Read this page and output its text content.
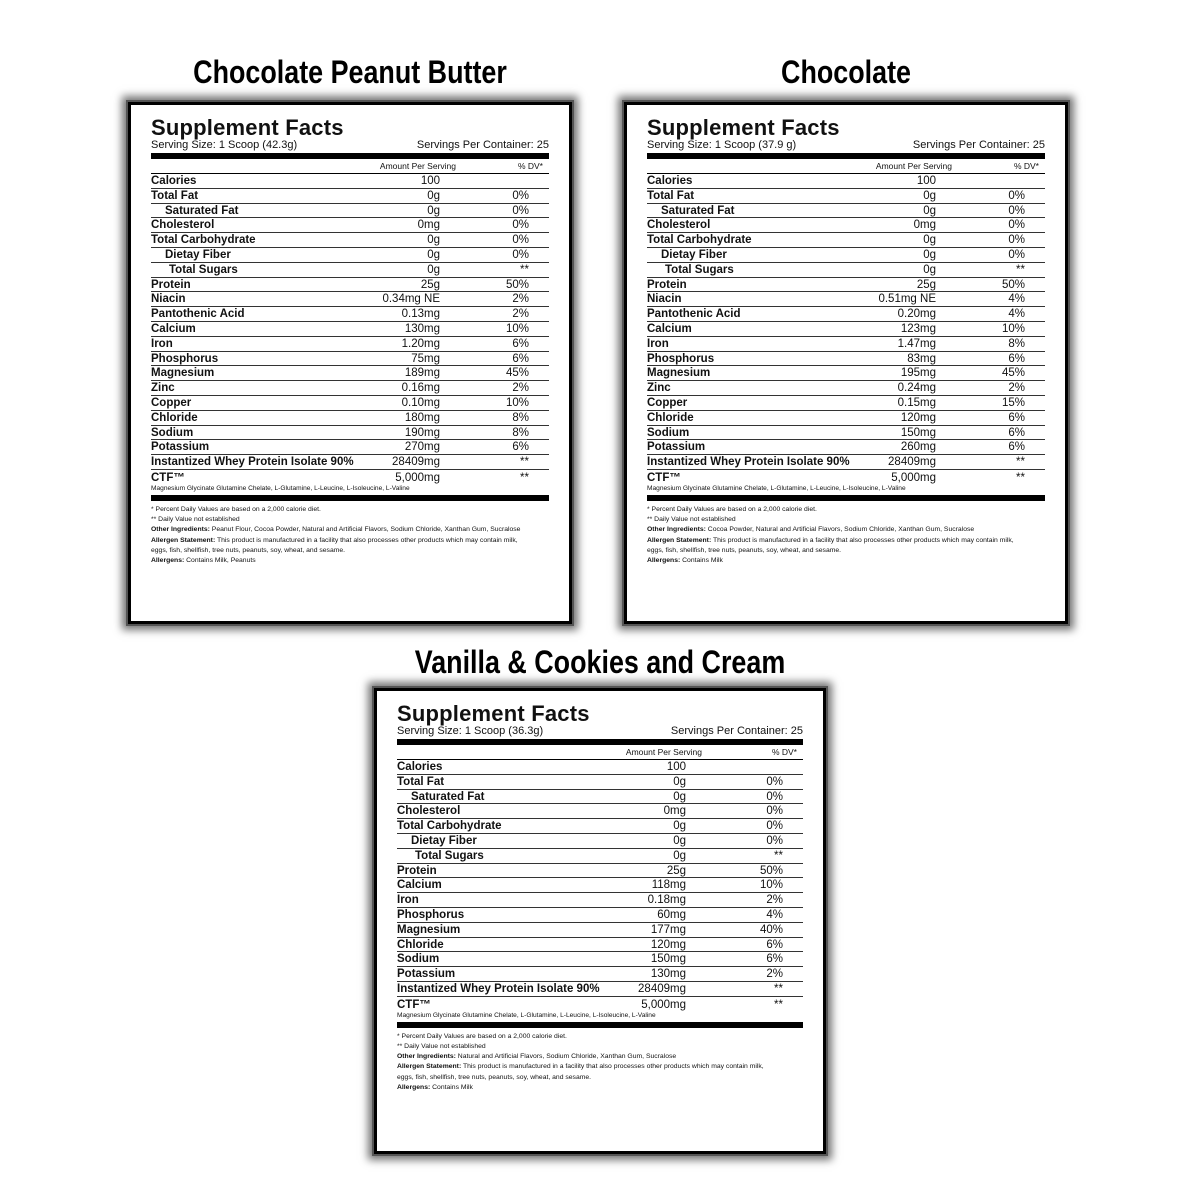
Chocolate Peanut Butter	Chocolate
Vanilla & Cookies and Cream
Supplement Facts
Serving Size: 1 Scoop (42.3g)	Servings Per Container: 25
Amount Per Serving	% DV*
Calories	100
Total Fat	0g	0%
Saturated Fat	0g	0%
Cholesterol	0mg	0%
Total Carbohydrate	0g	0%
Dietay Fiber	0g	0%
Total Sugars	0g	**
Protein	25g	50%
Niacin	0.34mg NE	2%
Pantothenic Acid	0.13mg	2%
Calcium	130mg	10%
Iron	1.20mg	6%
Phosphorus	75mg	6%
Magnesium	189mg	45%
Zinc	0.16mg	2%
Copper	0.10mg	10%
Chloride	180mg	8%
Sodium	190mg	8%
Potassium	270mg	6%
Instantized Whey Protein Isolate 90%	28409mg	**
CTF™	5,000mg	**
Magnesium Glycinate Glutamine Chelate, L-Glutamine, L-Leucine, L-Isoleucine, L-Valine
* Percent Daily Values are based on a 2,000 calorie diet.
** Daily Value not established
Other Ingredients: Peanut Flour, Cocoa Powder, Natural and Artificial Flavors, Sodium Chloride, Xanthan Gum, Sucralose
Allergen Statement: This product is manufactured in a facility that also processes other products which may contain milk,
eggs, fish, shellfish, tree nuts, peanuts, soy, wheat, and sesame.
Allergens: Contains Milk, Peanuts
Supplement Facts
Serving Size: 1 Scoop (37.9 g)	Servings Per Container: 25
Amount Per Serving	% DV*
Calories	100
Total Fat	0g	0%
Saturated Fat	0g	0%
Cholesterol	0mg	0%
Total Carbohydrate	0g	0%
Dietay Fiber	0g	0%
Total Sugars	0g	**
Protein	25g	50%
Niacin	0.51mg NE	4%
Pantothenic Acid	0.20mg	4%
Calcium	123mg	10%
Iron	1.47mg	8%
Phosphorus	83mg	6%
Magnesium	195mg	45%
Zinc	0.24mg	2%
Copper	0.15mg	15%
Chloride	120mg	6%
Sodium	150mg	6%
Potassium	260mg	6%
Instantized Whey Protein Isolate 90%	28409mg	**
CTF™	5,000mg	**
Magnesium Glycinate Glutamine Chelate, L-Glutamine, L-Leucine, L-Isoleucine, L-Valine
* Percent Daily Values are based on a 2,000 calorie diet.
** Daily Value not established
Other Ingredients: Cocoa Powder, Natural and Artificial Flavors, Sodium Chloride, Xanthan Gum, Sucralose
Allergen Statement: This product is manufactured in a facility that also processes other products which may contain milk,
eggs, fish, shellfish, tree nuts, peanuts, soy, wheat, and sesame.
Allergens: Contains Milk
Supplement Facts
Serving Size: 1 Scoop (36.3g)	Servings Per Container: 25
Amount Per Serving	% DV*
Calories	100
Total Fat	0g	0%
Saturated Fat	0g	0%
Cholesterol	0mg	0%
Total Carbohydrate	0g	0%
Dietay Fiber	0g	0%
Total Sugars	0g	**
Protein	25g	50%
Calcium	118mg	10%
Iron	0.18mg	2%
Phosphorus	60mg	4%
Magnesium	177mg	40%
Chloride	120mg	6%
Sodium	150mg	6%
Potassium	130mg	2%
Instantized Whey Protein Isolate 90%	28409mg	**
CTF™	5,000mg	**
Magnesium Glycinate Glutamine Chelate, L-Glutamine, L-Leucine, L-Isoleucine, L-Valine
* Percent Daily Values are based on a 2,000 calorie diet.
** Daily Value not established
Other Ingredients: Natural and Artificial Flavors, Sodium Chloride, Xanthan Gum, Sucralose
Allergen Statement: This product is manufactured in a facility that also processes other products which may contain milk,
eggs, fish, shellfish, tree nuts, peanuts, soy, wheat, and sesame.
Allergens: Contains Milk
